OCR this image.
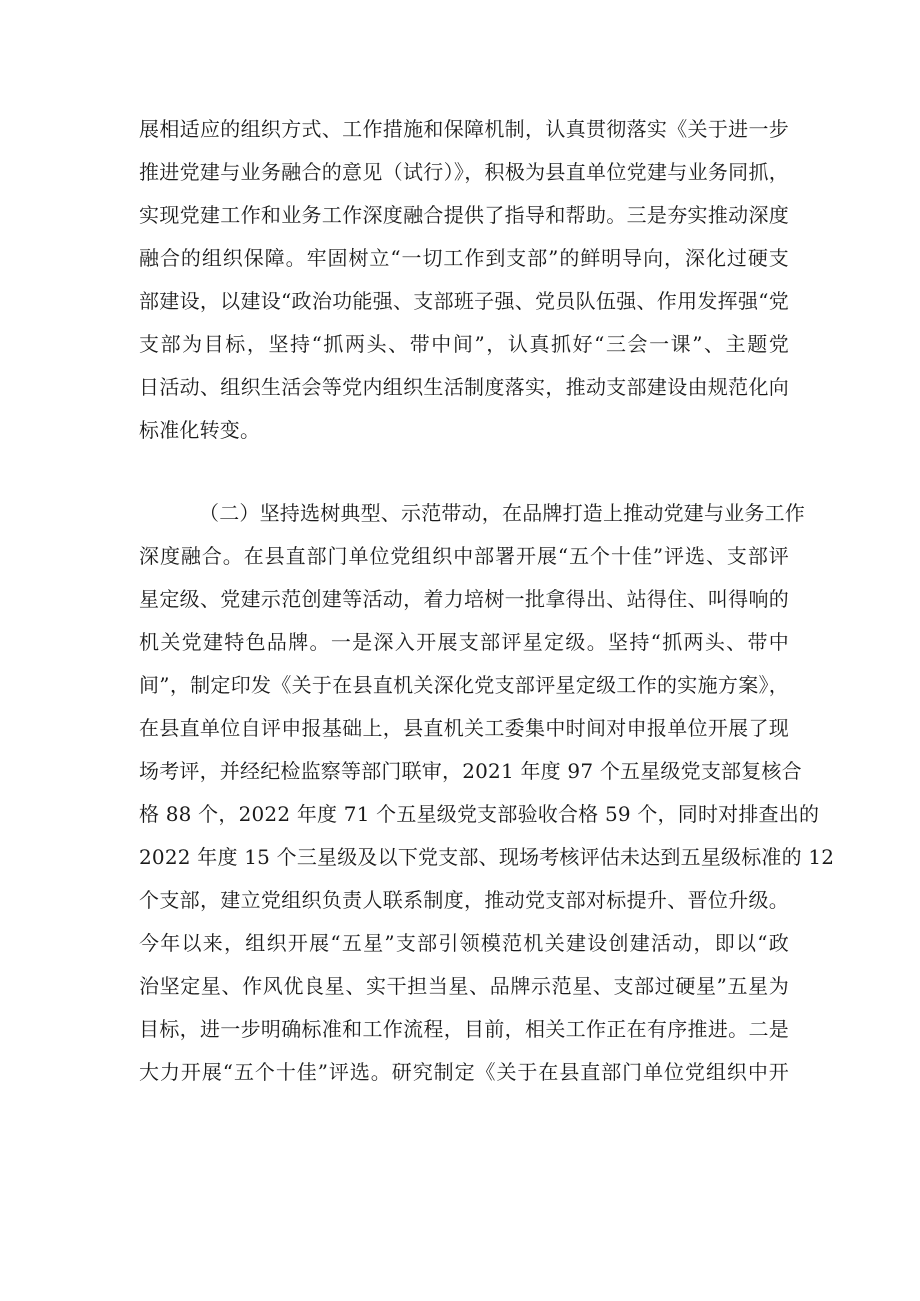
展相适应的组织方式、工作措施和保障机制，认真贯彻落实《关于进一步
推进党建与业务融合的意见（试行）》，积极为县直单位党建与业务同抓，
实现党建工作和业务工作深度融合提供了指导和帮助。三是夯实推动深度
融合的组织保障。牢固树立“一切工作到支部”的鲜明导向，深化过硬支
部建设，以建设“政治功能强、支部班子强、党员队伍强、作用发挥强“党
支部为目标，坚持“抓两头、带中间”，认真抓好“三会一课”、主题党
日活动、组织生活会等党内组织生活制度落实，推动支部建设由规范化向
标准化转变。

（二）坚持选树典型、示范带动，在品牌打造上推动党建与业务工作
深度融合。在县直部门单位党组织中部署开展“五个十佳”评选、支部评
星定级、党建示范创建等活动，着力培树一批拿得出、站得住、叫得响的
机关党建特色品牌。一是深入开展支部评星定级。坚持“抓两头、带中
间”，制定印发《关于在县直机关深化党支部评星定级工作的实施方案》，
在县直单位自评申报基础上，县直机关工委集中时间对申报单位开展了现
场考评，并经纪检监察等部门联审，2021 年度 97 个五星级党支部复核合
格 88 个，2022 年度 71 个五星级党支部验收合格 59 个，同时对排查出的
2022 年度 15 个三星级及以下党支部、现场考核评估未达到五星级标准的 12
个支部，建立党组织负责人联系制度，推动党支部对标提升、晋位升级。
今年以来，组织开展“五星”支部引领模范机关建设创建活动，即以“政
治坚定星、作风优良星、实干担当星、品牌示范星、支部过硬星”五星为
目标，进一步明确标准和工作流程，目前，相关工作正在有序推进。二是
大力开展“五个十佳”评选。研究制定《关于在县直部门单位党组织中开
